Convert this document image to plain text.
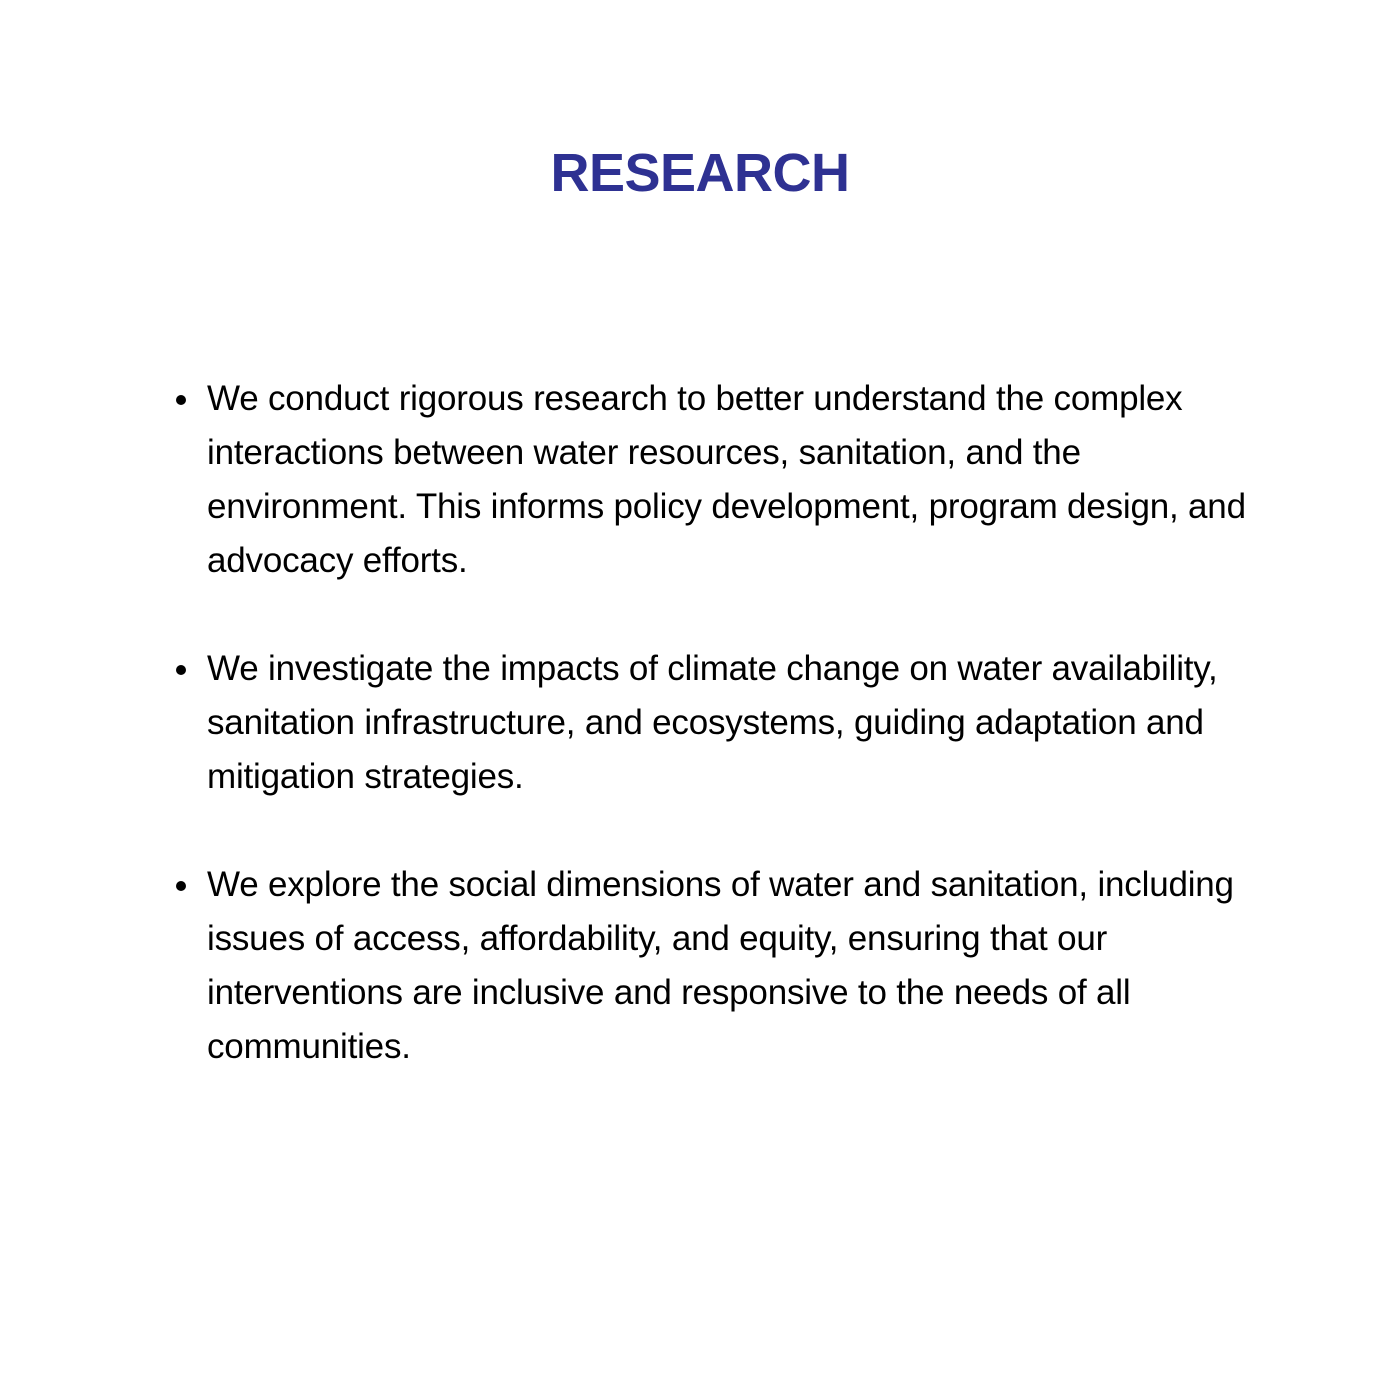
RESEARCH
We conduct rigorous research to better understand the complex interactions between water resources, sanitation, and the environment. This informs policy development, program design, and advocacy efforts.
We investigate the impacts of climate change on water availability, sanitation infrastructure, and ecosystems, guiding adaptation and mitigation strategies.
We explore the social dimensions of water and sanitation, including issues of access, affordability, and equity, ensuring that our interventions are inclusive and responsive to the needs of all communities.
